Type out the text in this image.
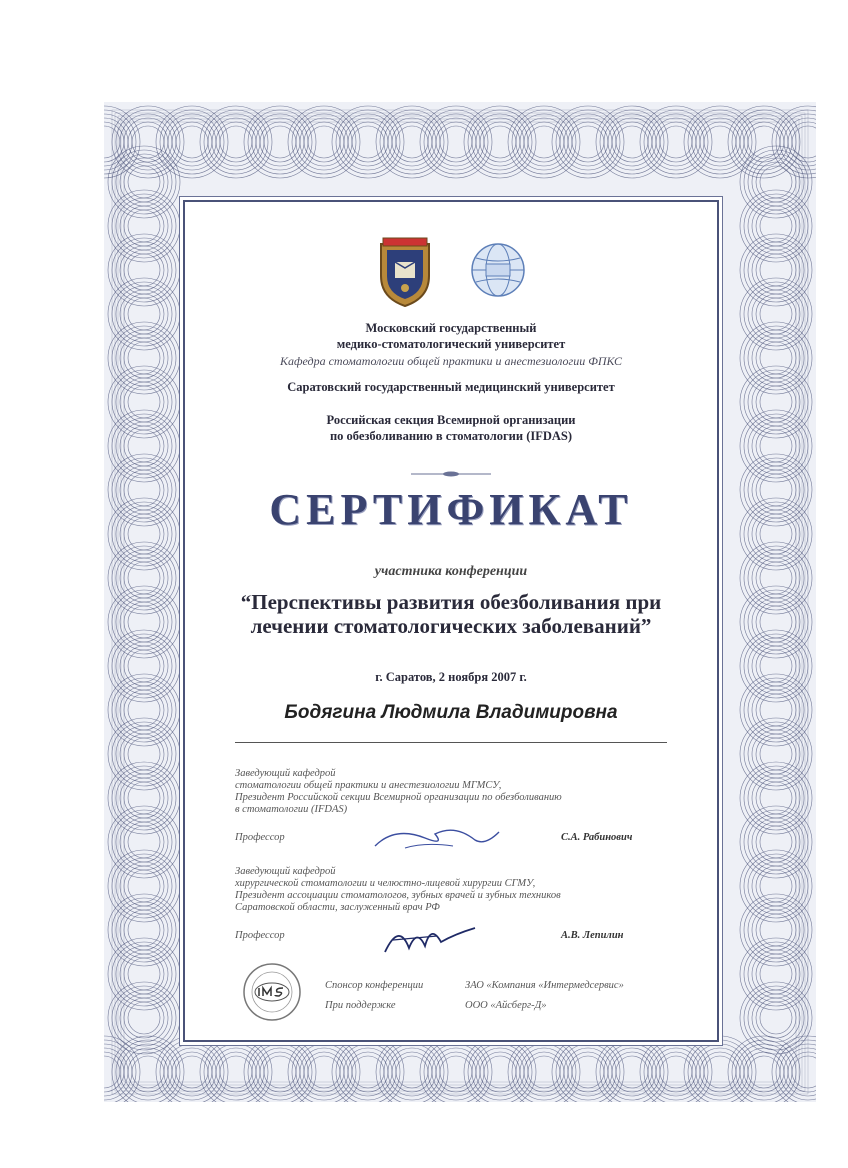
Московский государственный
медико-стоматологический университет
Кафедра стоматологии общей практики и анестезиологии ФПКС
Саратовский государственный медицинский университет
Российская секция Всемирной организации
по обезболиванию в стоматологии (IFDAS)
СЕРТИФИКАТ
участника конференции
“Перспективы развития обезболивания при
лечении стоматологических заболеваний”
г. Саратов, 2 ноября 2007 г.
Бодягина Людмила Владимировна
Заведующий кафедрой
стоматологии общей практики и анестезиологии МГМСУ,
Президент Российской секции Всемирной организации по обезболиванию
в стоматологии (IFDAS)
Профессор	С.А. Рабинович
Заведующий кафедрой
хирургической стоматологии и челюстно-лицевой хирургии СГМУ,
Президент ассоциации стоматологов, зубных врачей и зубных техников
Саратовской области, заслуженный врач РФ
Профессор	А.В. Лепилин
Спонсор конференции	ЗАО «Компания «Интермедсервис»
При поддержке	ООО «Айсберг-Д»
